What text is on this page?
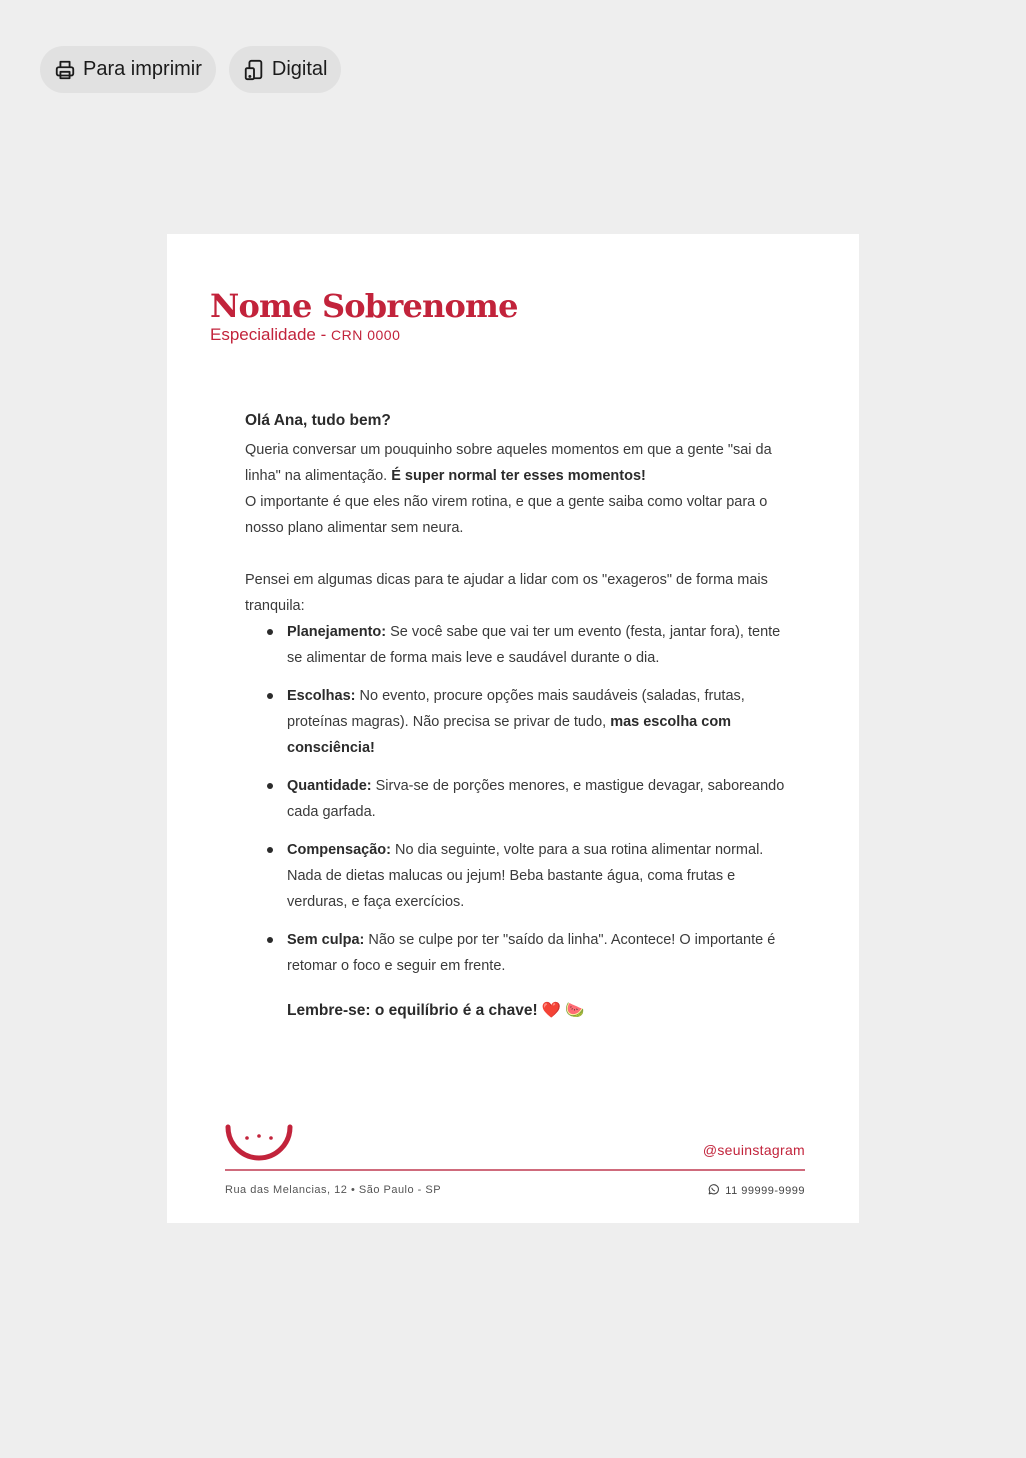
Para imprimir	Digital
Nome Sobrenome
Especialidade - CRN 0000

Olá Ana, tudo bem?

Queria conversar um pouquinho sobre aqueles momentos em que a gente "sai da linha" na alimentação. É super normal ter esses momentos!

O importante é que eles não virem rotina, e que a gente saiba como voltar para o nosso plano alimentar sem neura.

Pensei em algumas dicas para te ajudar a lidar com os "exageros" de forma mais tranquila:

Planejamento: Se você sabe que vai ter um evento (festa, jantar fora), tente se alimentar de forma mais leve e saudável durante o dia.
Escolhas: No evento, procure opções mais saudáveis (saladas, frutas, proteínas magras). Não precisa se privar de tudo, mas escolha com consciência!
Quantidade: Sirva-se de porções menores, e mastigue devagar, saboreando cada garfada.
Compensação: No dia seguinte, volte para a sua rotina alimentar normal. Nada de dietas malucas ou jejum! Beba bastante água, coma frutas e verduras, e faça exercícios.
Sem culpa: Não se culpe por ter "saído da linha". Acontece! O importante é retomar o foco e seguir em frente.
Lembre-se: o equilíbrio é a chave! ❤️ 🍉
@seuinstagram
Rua das Melancias, 12 • São Paulo - SP	11 99999-9999
